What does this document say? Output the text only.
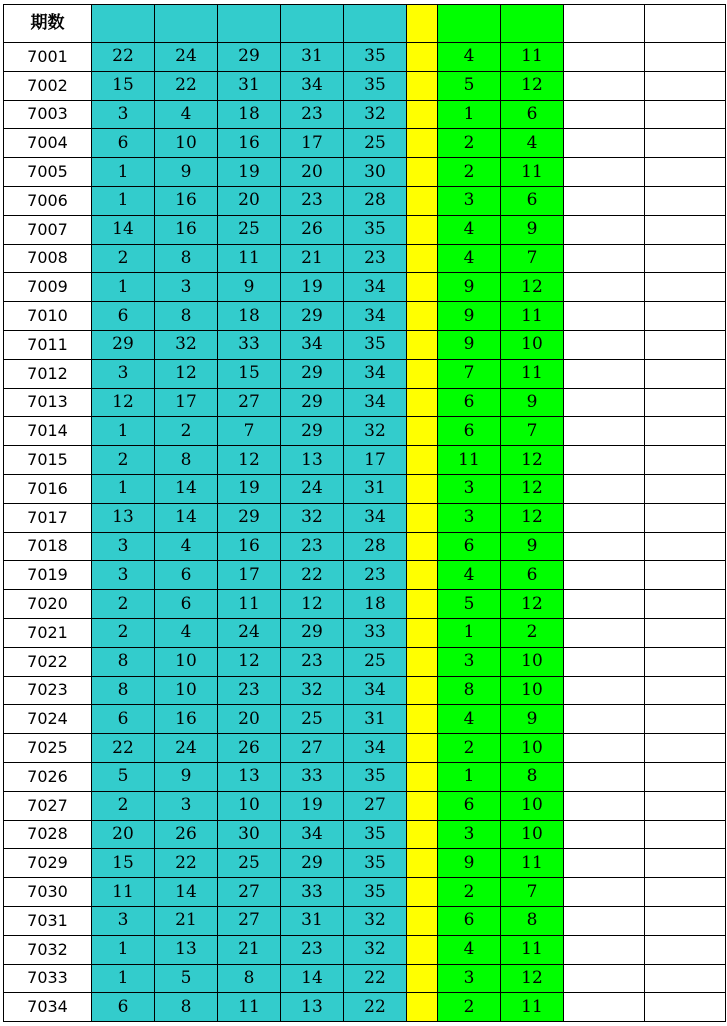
期数										
7001	22	24	29	31	35		4	11		
7002	15	22	31	34	35		5	12		
7003	3	4	18	23	32		1	6		
7004	6	10	16	17	25		2	4		
7005	1	9	19	20	30		2	11		
7006	1	16	20	23	28		3	6		
7007	14	16	25	26	35		4	9		
7008	2	8	11	21	23		4	7		
7009	1	3	9	19	34		9	12		
7010	6	8	18	29	34		9	11		
7011	29	32	33	34	35		9	10		
7012	3	12	15	29	34		7	11		
7013	12	17	27	29	34		6	9		
7014	1	2	7	29	32		6	7		
7015	2	8	12	13	17		11	12		
7016	1	14	19	24	31		3	12		
7017	13	14	29	32	34		3	12		
7018	3	4	16	23	28		6	9		
7019	3	6	17	22	23		4	6		
7020	2	6	11	12	18		5	12		
7021	2	4	24	29	33		1	2		
7022	8	10	12	23	25		3	10		
7023	8	10	23	32	34		8	10		
7024	6	16	20	25	31		4	9		
7025	22	24	26	27	34		2	10		
7026	5	9	13	33	35		1	8		
7027	2	3	10	19	27		6	10		
7028	20	26	30	34	35		3	10		
7029	15	22	25	29	35		9	11		
7030	11	14	27	33	35		2	7		
7031	3	21	27	31	32		6	8		
7032	1	13	21	23	32		4	11		
7033	1	5	8	14	22		3	12		
7034	6	8	11	13	22		2	11		
